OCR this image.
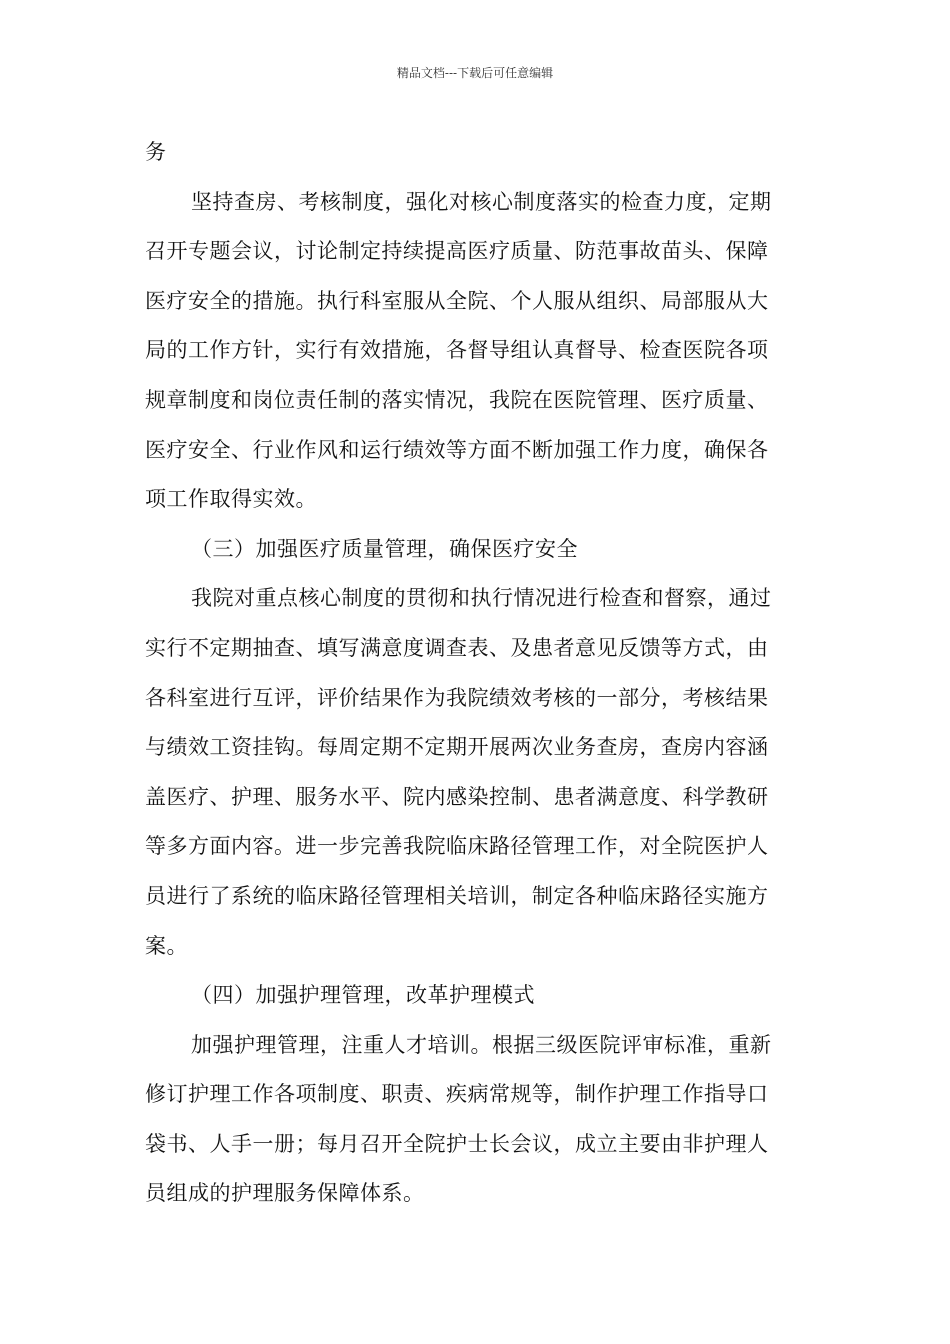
精品文档---下载后可任意编辑
务
坚持查房、考核制度，强化对核心制度落实的检查力度，定期
召开专题会议，讨论制定持续提高医疗质量、防范事故苗头、保障
医疗安全的措施。执行科室服从全院、个人服从组织、局部服从大
局的工作方针，实行有效措施，各督导组认真督导、检查医院各项
规章制度和岗位责任制的落实情况，我院在医院管理、医疗质量、
医疗安全、行业作风和运行绩效等方面不断加强工作力度，确保各
项工作取得实效。
（三）加强医疗质量管理，确保医疗安全
我院对重点核心制度的贯彻和执行情况进行检查和督察，通过
实行不定期抽查、填写满意度调查表、及患者意见反馈等方式，由
各科室进行互评，评价结果作为我院绩效考核的一部分，考核结果
与绩效工资挂钩。每周定期不定期开展两次业务查房，查房内容涵
盖医疗、护理、服务水平、院内感染控制、患者满意度、科学教研
等多方面内容。进一步完善我院临床路径管理工作，对全院医护人
员进行了系统的临床路径管理相关培训，制定各种临床路径实施方
案。
（四）加强护理管理，改革护理模式
加强护理管理，注重人才培训。根据三级医院评审标准，重新
修订护理工作各项制度、职责、疾病常规等，制作护理工作指导口
袋书、人手一册；每月召开全院护士长会议，成立主要由非护理人
员组成的护理服务保障体系。
